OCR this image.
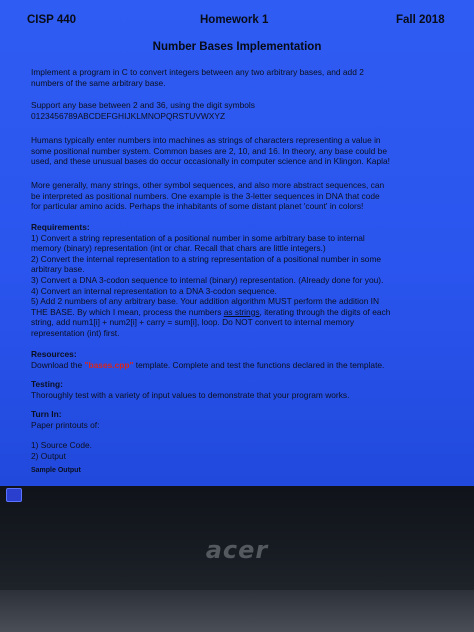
CISP 440	Homework 1	Fall 2018
Number Bases Implementation
Implement a program in C to convert integers between any two arbitrary bases, and add 2
numbers of the same arbitrary base.
Support any base between 2 and 36, using the digit symbols
0123456789ABCDEFGHIJKLMNOPQRSTUVWXYZ
Humans typically enter numbers into machines as strings of characters representing a value in
some positional number system. Common bases are 2, 10, and 16. In theory, any base could be
used, and these unusual bases do occur occasionally in computer science and in Klingon. Kapla!
More generally, many strings, other symbol sequences, and also more abstract sequences, can
be interpreted as positional numbers. One example is the 3-letter sequences in DNA that code
for particular amino acids. Perhaps the inhabitants of some distant planet 'count' in colors!
Requirements:
1) Convert a string representation of a positional number in some arbitrary base to internal
memory (binary) representation (int or char. Recall that chars are little integers.)
2) Convert the internal representation to a string representation of a positional number in some
arbitrary base.
3) Convert a DNA 3-codon sequence to internal (binary) representation. (Already done for you).
4) Convert an internal representation to a DNA 3-codon sequence.
5) Add 2 numbers of any arbitrary base. Your addition algorithm MUST perform the addition IN
THE BASE. By which I mean, process the numbers as strings, iterating through the digits of each
string, add num1[i] + num2[i] + carry = sum[i], loop. Do NOT convert to internal memory
representation (int) first.
Resources:
Download the "bases.cpp" template. Complete and test the functions declared in the template.
Testing:
Thoroughly test with a variety of input values to demonstrate that your program works.
Turn In:
Paper printouts of:
1) Source Code.
2) Output
Sample Output
acer
